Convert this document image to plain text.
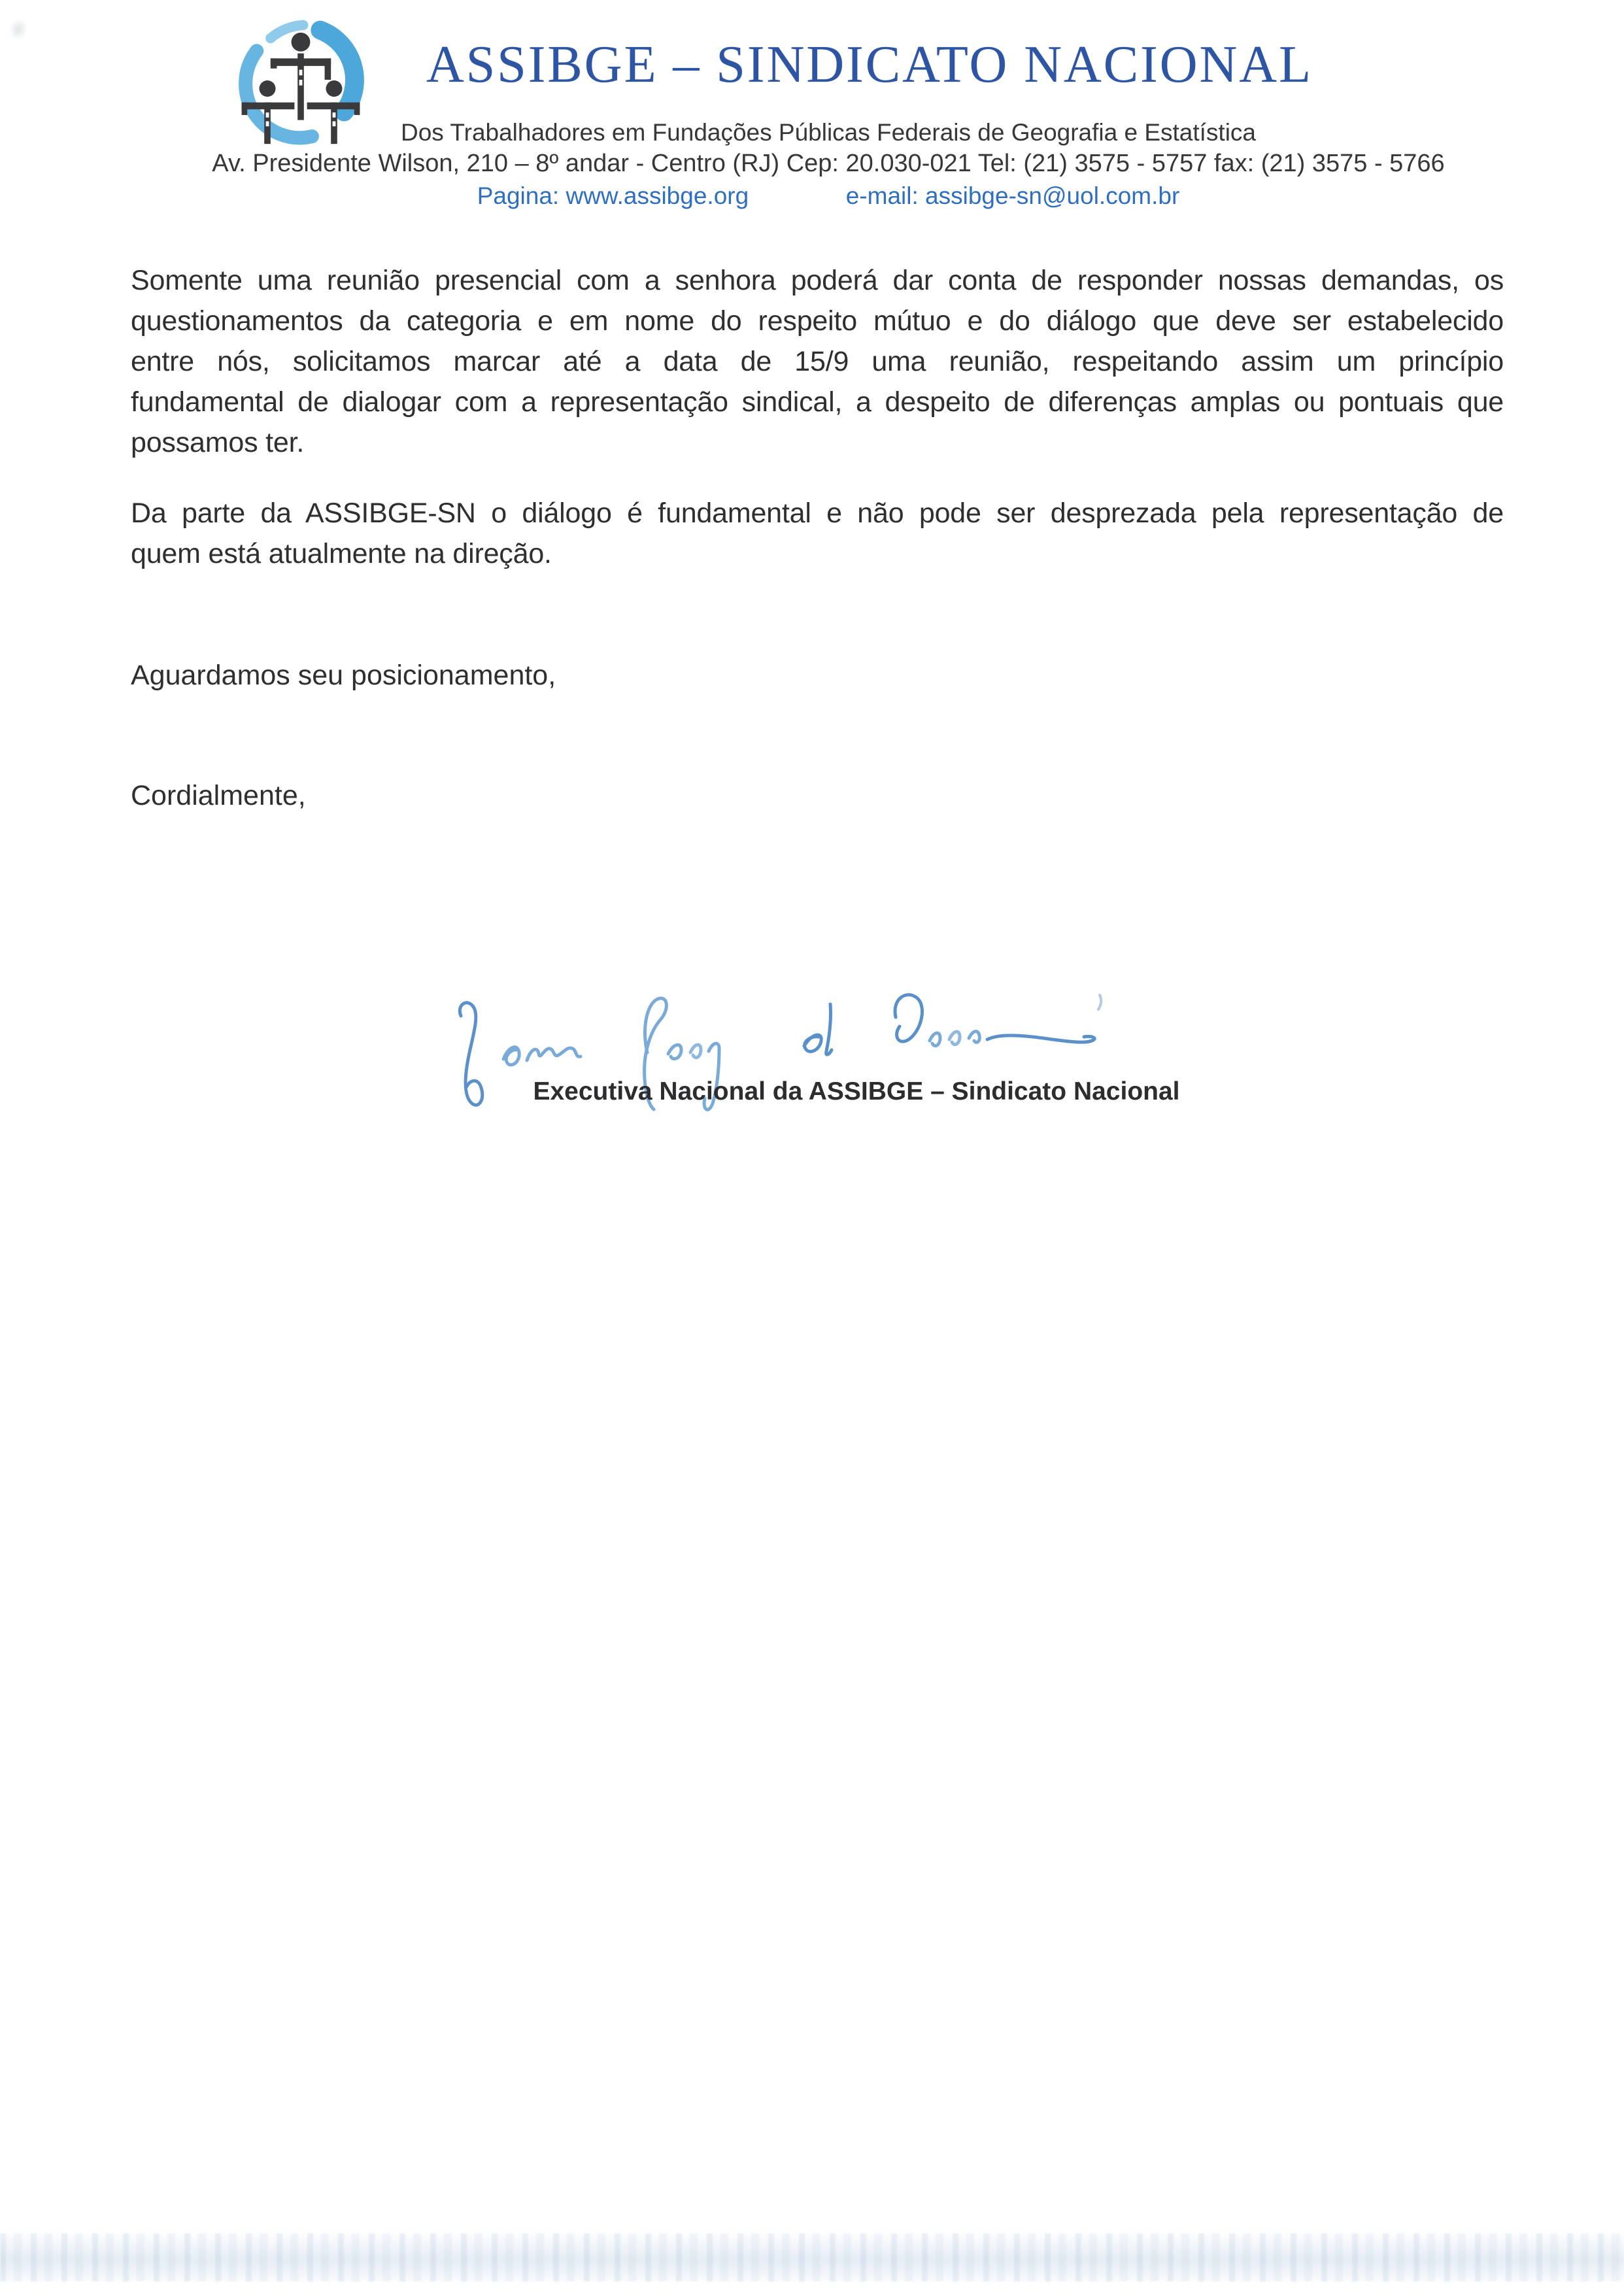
ASSIBGE – SINDICATO NACIONAL
Dos Trabalhadores em Fundações Públicas Federais de Geografia e Estatística
Av. Presidente Wilson, 210 – 8º andar - Centro (RJ) Cep: 20.030-021 Tel: (21) 3575 - 5757 fax: (21) 3575 - 5766
Pagina: www.assibge.org	e-mail: assibge-sn@uol.com.br
Somente uma reunião presencial com a senhora poderá dar conta de responder nossas demandas, os
questionamentos da categoria e em nome do respeito mútuo e do diálogo que deve ser estabelecido
entre nós, solicitamos marcar até a data de 15/9 uma reunião, respeitando assim um princípio
fundamental de dialogar com a representação sindical, a despeito de diferenças amplas ou pontuais que
possamos ter.
Da parte da ASSIBGE-SN o diálogo é fundamental e não pode ser desprezada pela representação de
quem está atualmente na direção.
Aguardamos seu posicionamento,
Cordialmente,
Executiva Nacional da ASSIBGE – Sindicato Nacional
